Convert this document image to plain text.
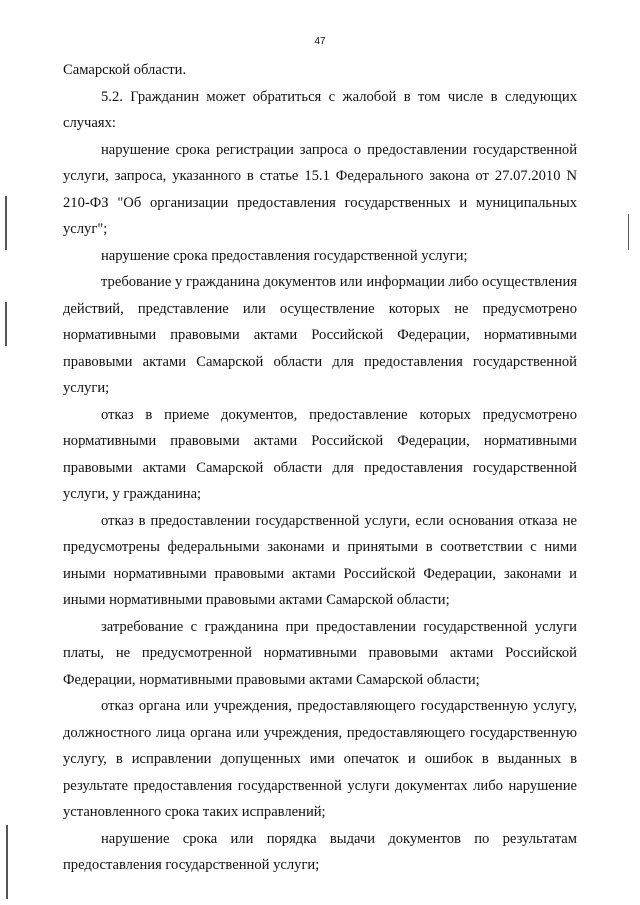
47

Самарской области.

5.2. Гражданин может обратиться с жалобой в том числе в следующих случаях:

нарушение срока регистрации запроса о предоставлении государственной услуги, запроса, указанного в статье 15.1 Федерального закона от 27.07.2010 N 210-ФЗ "Об организации предоставления государственных и муниципальных услуг";

нарушение срока предоставления государственной услуги;

требование у гражданина документов или информации либо осуществления действий, представление или осуществление которых не предусмотрено нормативными правовыми актами Российской Федерации, нормативными правовыми актами Самарской области для предоставления государственной услуги;

отказ в приеме документов, предоставление которых предусмотрено нормативными правовыми актами Российской Федерации, нормативными правовыми актами Самарской области для предоставления государственной услуги, у гражданина;

отказ в предоставлении государственной услуги, если основания отказа не предусмотрены федеральными законами и принятыми в соответствии с ними иными нормативными правовыми актами Российской Федерации, законами и иными нормативными правовыми актами Самарской области;

затребование с гражданина при предоставлении государственной услуги платы, не предусмотренной нормативными правовыми актами Российской Федерации, нормативными правовыми актами Самарской области;

отказ органа или учреждения, предоставляющего государственную услугу, должностного лица органа или учреждения, предоставляющего государственную услугу, в исправлении допущенных ими опечаток и ошибок в выданных в результате предоставления государственной услуги документах либо нарушение установленного срока таких исправлений;

нарушение срока или порядка выдачи документов по результатам предоставления государственной услуги;
